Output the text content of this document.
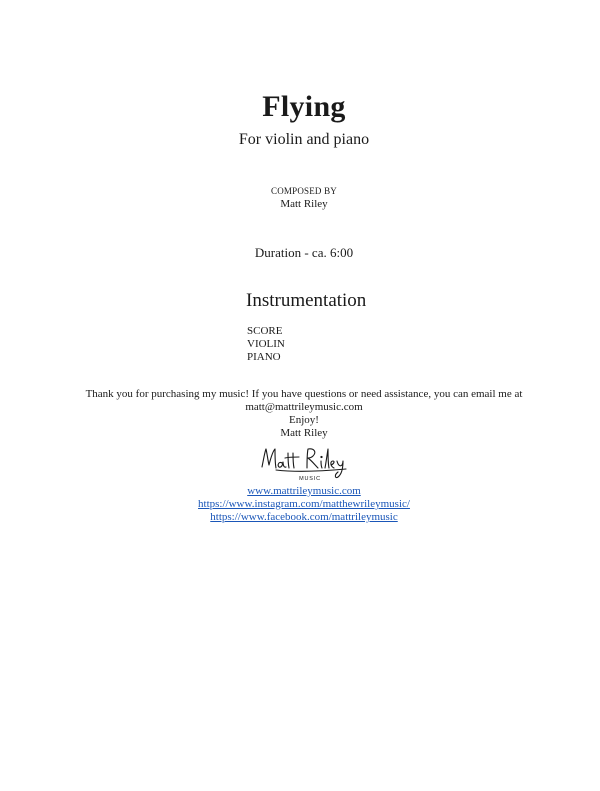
Flying
For violin and piano
COMPOSED BY
Matt Riley
Duration - ca. 6:00
Instrumentation
SCORE
VIOLIN
PIANO
Thank you for purchasing my music! If you have questions or need assistance, you can email me at
matt@mattrileymusic.com
Enjoy!
Matt Riley
MUSIC
www.mattrileymusic.com
https://www.instagram.com/matthewrileymusic/
https://www.facebook.com/mattrileymusic
